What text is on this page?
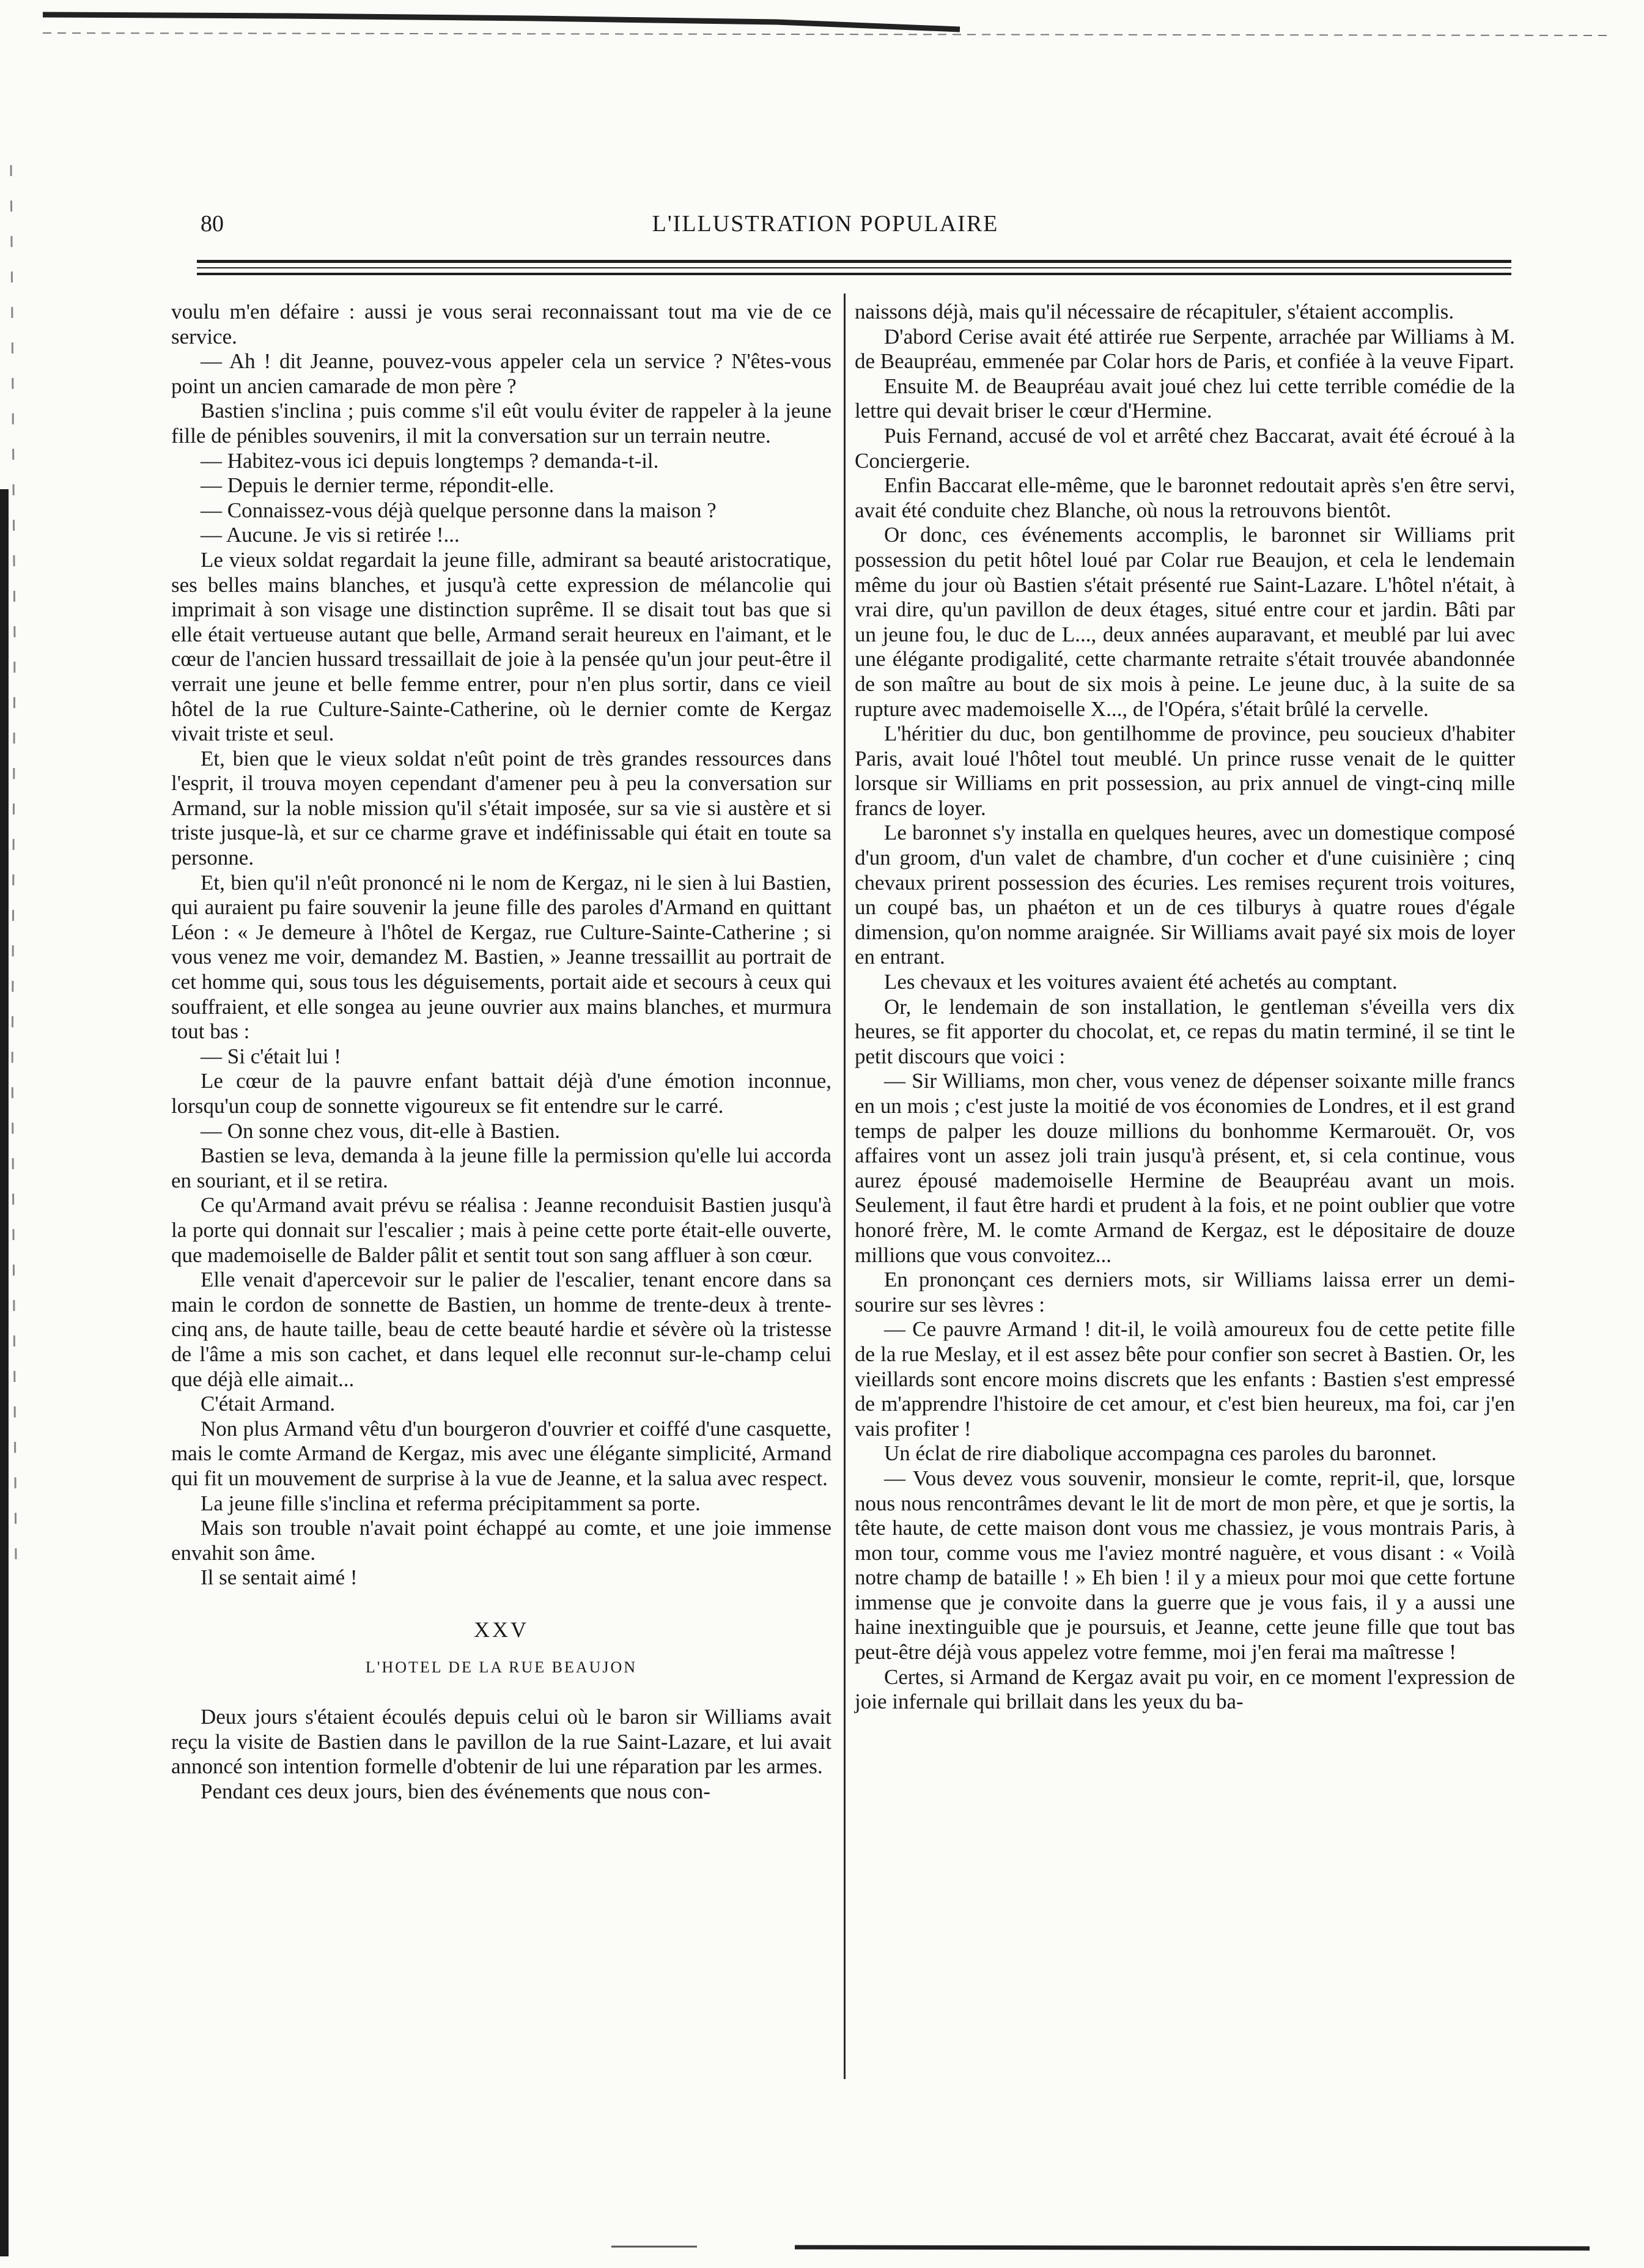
80	L'ILLUSTRATION POPULAIRE

voulu m'en défaire : aussi je vous serai reconnaissant tout ma vie de ce service.

— Ah ! dit Jeanne, pouvez-vous appeler cela un service ? N'êtes-vous point un ancien camarade de mon père ?

Bastien s'inclina ; puis comme s'il eût voulu éviter de rappeler à la jeune fille de pénibles souvenirs, il mit la conversation sur un terrain neutre.

— Habitez-vous ici depuis longtemps ? demanda-t-il.

— Depuis le dernier terme, répondit-elle.

— Connaissez-vous déjà quelque personne dans la maison ?

— Aucune. Je vis si retirée !...

Le vieux soldat regardait la jeune fille, admirant sa beauté aristocratique, ses belles mains blanches, et jusqu'à cette expression de mélancolie qui imprimait à son visage une distinction suprême. Il se disait tout bas que si elle était vertueuse autant que belle, Armand serait heureux en l'aimant, et le cœur de l'ancien hussard tressaillait de joie à la pensée qu'un jour peut-être il verrait une jeune et belle femme entrer, pour n'en plus sortir, dans ce vieil hôtel de la rue Culture-Sainte-Catherine, où le dernier comte de Kergaz vivait triste et seul.

Et, bien que le vieux soldat n'eût point de très grandes ressources dans l'esprit, il trouva moyen cependant d'amener peu à peu la conversation sur Armand, sur la noble mission qu'il s'était imposée, sur sa vie si austère et si triste jusque-là, et sur ce charme grave et indéfinissable qui était en toute sa personne.

Et, bien qu'il n'eût prononcé ni le nom de Kergaz, ni le sien à lui Bastien, qui auraient pu faire souvenir la jeune fille des paroles d'Armand en quittant Léon : « Je demeure à l'hôtel de Kergaz, rue Culture-Sainte-Catherine ; si vous venez me voir, demandez M. Bastien, » Jeanne tressaillit au portrait de cet homme qui, sous tous les déguisements, portait aide et secours à ceux qui souffraient, et elle songea au jeune ouvrier aux mains blanches, et murmura tout bas :

— Si c'était lui !

Le cœur de la pauvre enfant battait déjà d'une émotion inconnue, lorsqu'un coup de sonnette vigoureux se fit entendre sur le carré.

— On sonne chez vous, dit-elle à Bastien.

Bastien se leva, demanda à la jeune fille la permission qu'elle lui accorda en souriant, et il se retira.

Ce qu'Armand avait prévu se réalisa : Jeanne reconduisit Bastien jusqu'à la porte qui donnait sur l'escalier ; mais à peine cette porte était-elle ouverte, que mademoiselle de Balder pâlit et sentit tout son sang affluer à son cœur.

Elle venait d'apercevoir sur le palier de l'escalier, tenant encore dans sa main le cordon de sonnette de Bastien, un homme de trente-deux à trente-cinq ans, de haute taille, beau de cette beauté hardie et sévère où la tristesse de l'âme a mis son cachet, et dans lequel elle reconnut sur-le-champ celui que déjà elle aimait...

C'était Armand.

Non plus Armand vêtu d'un bourgeron d'ouvrier et coiffé d'une casquette, mais le comte Armand de Kergaz, mis avec une élégante simplicité, Armand qui fit un mouvement de surprise à la vue de Jeanne, et la salua avec respect.

La jeune fille s'inclina et referma précipitamment sa porte.

Mais son trouble n'avait point échappé au comte, et une joie immense envahit son âme.

Il se sentait aimé !

XXV
L'HOTEL DE LA RUE BEAUJON

Deux jours s'étaient écoulés depuis celui où le baron sir Williams avait reçu la visite de Bastien dans le pavillon de la rue Saint-Lazare, et lui avait annoncé son intention formelle d'obtenir de lui une réparation par les armes.

Pendant ces deux jours, bien des événements que nous con-

naissons déjà, mais qu'il nécessaire de récapituler, s'étaient accomplis.

D'abord Cerise avait été attirée rue Serpente, arrachée par Williams à M. de Beaupréau, emmenée par Colar hors de Paris, et confiée à la veuve Fipart.

Ensuite M. de Beaupréau avait joué chez lui cette terrible comédie de la lettre qui devait briser le cœur d'Hermine.

Puis Fernand, accusé de vol et arrêté chez Baccarat, avait été écroué à la Conciergerie.

Enfin Baccarat elle-même, que le baronnet redoutait après s'en être servi, avait été conduite chez Blanche, où nous la retrouvons bientôt.

Or donc, ces événements accomplis, le baronnet sir Williams prit possession du petit hôtel loué par Colar rue Beaujon, et cela le lendemain même du jour où Bastien s'était présenté rue Saint-Lazare. L'hôtel n'était, à vrai dire, qu'un pavillon de deux étages, situé entre cour et jardin. Bâti par un jeune fou, le duc de L..., deux années auparavant, et meublé par lui avec une élégante prodigalité, cette charmante retraite s'était trouvée abandonnée de son maître au bout de six mois à peine. Le jeune duc, à la suite de sa rupture avec mademoiselle X..., de l'Opéra, s'était brûlé la cervelle.

L'héritier du duc, bon gentilhomme de province, peu soucieux d'habiter Paris, avait loué l'hôtel tout meublé. Un prince russe venait de le quitter lorsque sir Williams en prit possession, au prix annuel de vingt-cinq mille francs de loyer.

Le baronnet s'y installa en quelques heures, avec un domestique composé d'un groom, d'un valet de chambre, d'un cocher et d'une cuisinière ; cinq chevaux prirent possession des écuries. Les remises reçurent trois voitures, un coupé bas, un phaéton et un de ces tilburys à quatre roues d'égale dimension, qu'on nomme araignée. Sir Williams avait payé six mois de loyer en entrant.

Les chevaux et les voitures avaient été achetés au comptant.

Or, le lendemain de son installation, le gentleman s'éveilla vers dix heures, se fit apporter du chocolat, et, ce repas du matin terminé, il se tint le petit discours que voici :

— Sir Williams, mon cher, vous venez de dépenser soixante mille francs en un mois ; c'est juste la moitié de vos économies de Londres, et il est grand temps de palper les douze millions du bonhomme Kermarouët. Or, vos affaires vont un assez joli train jusqu'à présent, et, si cela continue, vous aurez épousé mademoiselle Hermine de Beaupréau avant un mois. Seulement, il faut être hardi et prudent à la fois, et ne point oublier que votre honoré frère, M. le comte Armand de Kergaz, est le dépositaire de douze millions que vous convoitez...

En prononçant ces derniers mots, sir Williams laissa errer un demi-sourire sur ses lèvres :

— Ce pauvre Armand ! dit-il, le voilà amoureux fou de cette petite fille de la rue Meslay, et il est assez bête pour confier son secret à Bastien. Or, les vieillards sont encore moins discrets que les enfants : Bastien s'est empressé de m'apprendre l'histoire de cet amour, et c'est bien heureux, ma foi, car j'en vais profiter !

Un éclat de rire diabolique accompagna ces paroles du baronnet.

— Vous devez vous souvenir, monsieur le comte, reprit-il, que, lorsque nous nous rencontrâmes devant le lit de mort de mon père, et que je sortis, la tête haute, de cette maison dont vous me chassiez, je vous montrais Paris, à mon tour, comme vous me l'aviez montré naguère, et vous disant : « Voilà notre champ de bataille ! » Eh bien ! il y a mieux pour moi que cette fortune immense que je convoite dans la guerre que je vous fais, il y a aussi une haine inextinguible que je poursuis, et Jeanne, cette jeune fille que tout bas peut-être déjà vous appelez votre femme, moi j'en ferai ma maîtresse !

Certes, si Armand de Kergaz avait pu voir, en ce moment l'expression de joie infernale qui brillait dans les yeux du ba-
